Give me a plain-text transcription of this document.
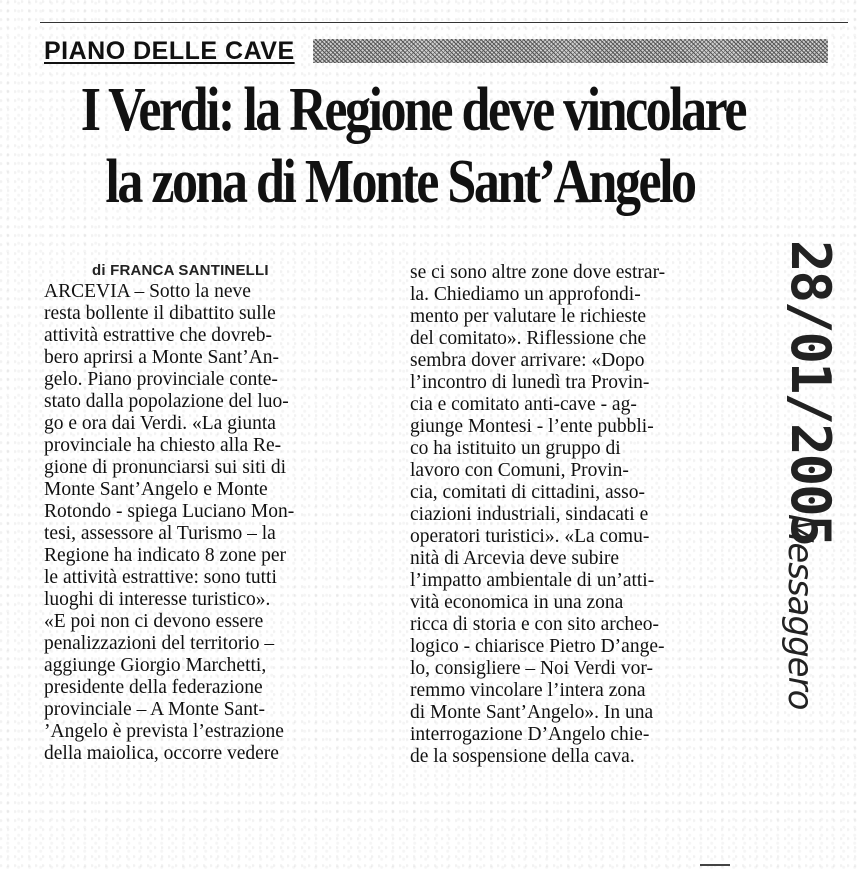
PIANO DELLE CAVE
I Verdi: la Regione deve vincolare
la zona di Monte Sant’Angelo
di FRANCA SANTINELLI

ARCEVIA – Sotto la neve

resta bollente il dibattito sulle

attività estrattive che dovreb-

bero aprirsi a Monte Sant’An-

gelo. Piano provinciale conte-

stato dalla popolazione del luo-

go e ora dai Verdi. «La giunta

provinciale ha chiesto alla Re-

gione di pronunciarsi sui siti di

Monte Sant’Angelo e Monte

Rotondo - spiega Luciano Mon-

tesi, assessore al Turismo – la

Regione ha indicato 8 zone per

le attività estrattive: sono tutti

luoghi di interesse turistico».

«E poi non ci devono essere

penalizzazioni del territorio –

aggiunge Giorgio Marchetti,

presidente della federazione

provinciale – A Monte Sant-

’Angelo è prevista l’estrazione

della maiolica, occorre vedere

se ci sono altre zone dove estrar-

la. Chiediamo un approfondi-

mento per valutare le richieste

del comitato». Riflessione che

sembra dover arrivare: «Dopo

l’incontro di lunedì tra Provin-

cia e comitato anti-cave - ag-

giunge Montesi - l’ente pubbli-

co ha istituito un gruppo di

lavoro con Comuni, Provin-

cia, comitati di cittadini, asso-

ciazioni industriali, sindacati e

operatori turistici». «La comu-

nità di Arcevia deve subire

l’impatto ambientale di un’atti-

vità economica in una zona

ricca di storia e con sito archeo-

logico - chiarisce Pietro D’ange-

lo, consigliere – Noi Verdi vor-

remmo vincolare l’intera zona

di Monte Sant’Angelo». In una

interrogazione D’Angelo chie-

de la sospensione della cava.

28/01/2005
Messaggero
